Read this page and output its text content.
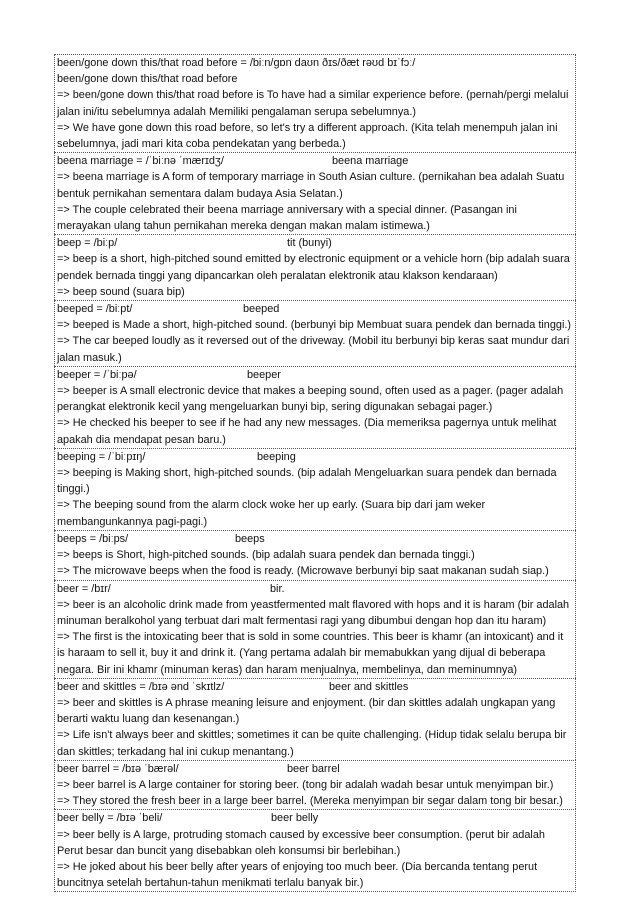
been/gone down this/that road before = /biːn/gɒn daʊn ðɪs/ðæt rəʊd bɪˈfɔː/
been/gone down this/that road before
=> been/gone down this/that road before is To have had a similar experience before. (pernah/pergi melalui jalan ini/itu sebelumnya adalah Memiliki pengalaman serupa sebelumnya.)
=> We have gone down this road before, so let's try a different approach. (Kita telah menempuh jalan ini sebelumnya, jadi mari kita coba pendekatan yang berbeda.)
beena marriage = /ˈbiːnə ˈmærɪdʒ/	beena marriage
=> beena marriage is A form of temporary marriage in South Asian culture. (pernikahan bea adalah Suatu bentuk pernikahan sementara dalam budaya Asia Selatan.)
=> The couple celebrated their beena marriage anniversary with a special dinner. (Pasangan ini merayakan ulang tahun pernikahan mereka dengan makan malam istimewa.)
beep = /biːp/	tit (bunyi)
=> beep is a short, high-pitched sound emitted by electronic equipment or a vehicle horn (bip adalah suara pendek bernada tinggi yang dipancarkan oleh peralatan elektronik atau klakson kendaraan)
=> beep sound (suara bip)
beeped = /biːpt/	beeped
=> beeped is Made a short, high-pitched sound. (berbunyi bip Membuat suara pendek dan bernada tinggi.)
=> The car beeped loudly as it reversed out of the driveway. (Mobil itu berbunyi bip keras saat mundur dari jalan masuk.)
beeper = /ˈbiːpə/	beeper
=> beeper is A small electronic device that makes a beeping sound, often used as a pager. (pager adalah perangkat elektronik kecil yang mengeluarkan bunyi bip, sering digunakan sebagai pager.)
=> He checked his beeper to see if he had any new messages. (Dia memeriksa pagernya untuk melihat apakah dia mendapat pesan baru.)
beeping = /ˈbiːpɪŋ/	beeping
=> beeping is Making short, high-pitched sounds. (bip adalah Mengeluarkan suara pendek dan bernada tinggi.)
=> The beeping sound from the alarm clock woke her up early. (Suara bip dari jam weker membangunkannya pagi-pagi.)
beeps = /biːps/	beeps
=> beeps is Short, high-pitched sounds. (bip adalah suara pendek dan bernada tinggi.)
=> The microwave beeps when the food is ready. (Microwave berbunyi bip saat makanan sudah siap.)
beer = /bɪr/	bir.
=> beer is an alcoholic drink made from yeastfermented malt flavored with hops and it is haram (bir adalah minuman beralkohol yang terbuat dari malt fermentasi ragi yang dibumbui dengan hop dan itu haram)
=> The first is the intoxicating beer that is sold in some countries. This beer is khamr (an intoxicant) and it is haraam to sell it, buy it and drink it. (Yang pertama adalah bir memabukkan yang dijual di beberapa negara. Bir ini khamr (minuman keras) dan haram menjualnya, membelinya, dan meminumnya)
beer and skittles = /bɪə ənd ˈskɪtlz/	beer and skittles
=> beer and skittles is A phrase meaning leisure and enjoyment. (bir dan skittles adalah ungkapan yang berarti waktu luang dan kesenangan.)
=> Life isn't always beer and skittles; sometimes it can be quite challenging. (Hidup tidak selalu berupa bir dan skittles; terkadang hal ini cukup menantang.)
beer barrel = /bɪə ˈbærəl/	beer barrel
=> beer barrel is A large container for storing beer. (tong bir adalah wadah besar untuk menyimpan bir.)
=> They stored the fresh beer in a large beer barrel. (Mereka menyimpan bir segar dalam tong bir besar.)
beer belly = /bɪə ˈbeli/	beer belly
=> beer belly is A large, protruding stomach caused by excessive beer consumption. (perut bir adalah Perut besar dan buncit yang disebabkan oleh konsumsi bir berlebihan.)
=> He joked about his beer belly after years of enjoying too much beer. (Dia bercanda tentang perut buncitnya setelah bertahun-tahun menikmati terlalu banyak bir.)
